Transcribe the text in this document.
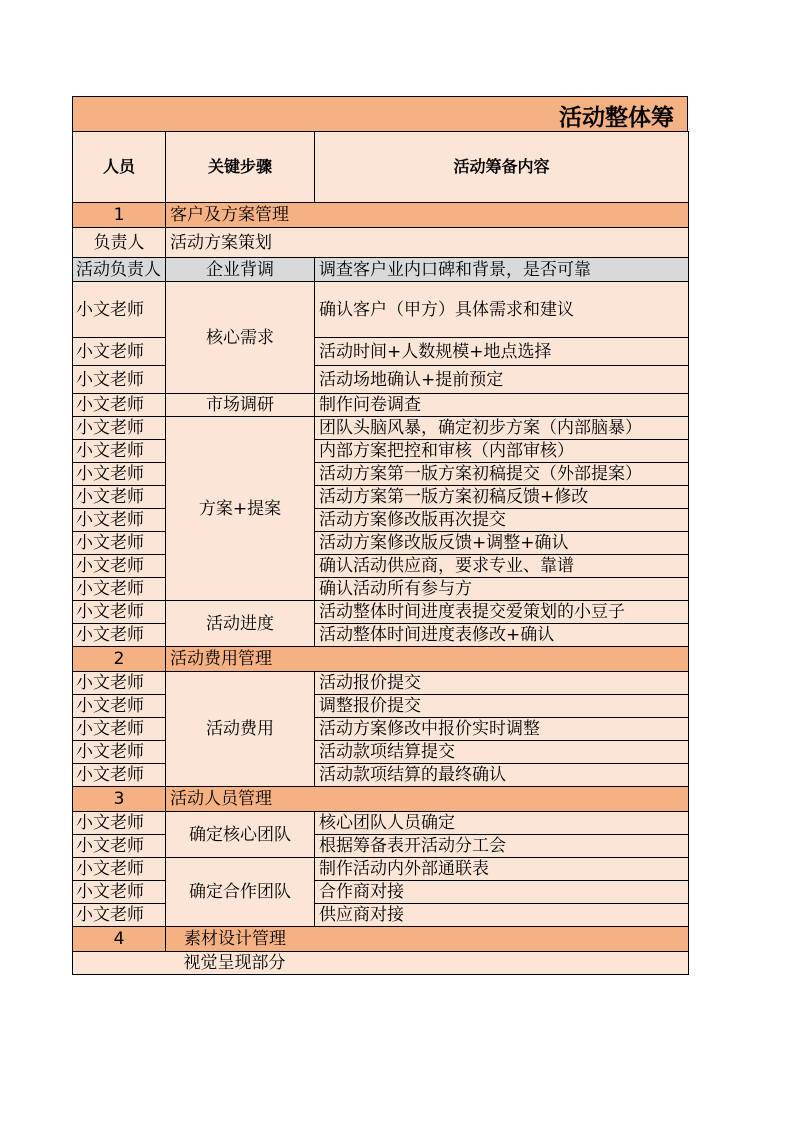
活动整体筹
人员	关键步骤	活动筹备内容
1	客户及方案管理	
负责人	活动方案策划	
活动负责人	企业背调	调查客户业内口碑和背景，是否可靠
小文老师	核心需求	确认客户（甲方）具体需求和建议
小文老师		活动时间+人数规模+地点选择
小文老师		活动场地确认+提前预定
小文老师	市场调研	制作问卷调查
小文老师	方案+提案	团队头脑风暴，确定初步方案（内部脑暴）
小文老师		内部方案把控和审核（内部审核）
小文老师		活动方案第一版方案初稿提交（外部提案）
小文老师		活动方案第一版方案初稿反馈+修改
小文老师		活动方案修改版再次提交
小文老师		活动方案修改版反馈+调整+确认
小文老师		确认活动供应商，要求专业、靠谱
小文老师		确认活动所有参与方
小文老师	活动进度	活动整体时间进度表提交爱策划的小豆子
小文老师		活动整体时间进度表修改+确认
2	活动费用管理	
小文老师	活动费用	活动报价提交
小文老师		调整报价提交
小文老师		活动方案修改中报价实时调整
小文老师		活动款项结算提交
小文老师		活动款项结算的最终确认
3	活动人员管理	
小文老师	确定核心团队	核心团队人员确定
小文老师		根据筹备表开活动分工会
小文老师	确定合作团队	制作活动内外部通联表
小文老师		合作商对接
小文老师		供应商对接
4	素材设计管理	
	视觉呈现部分	
